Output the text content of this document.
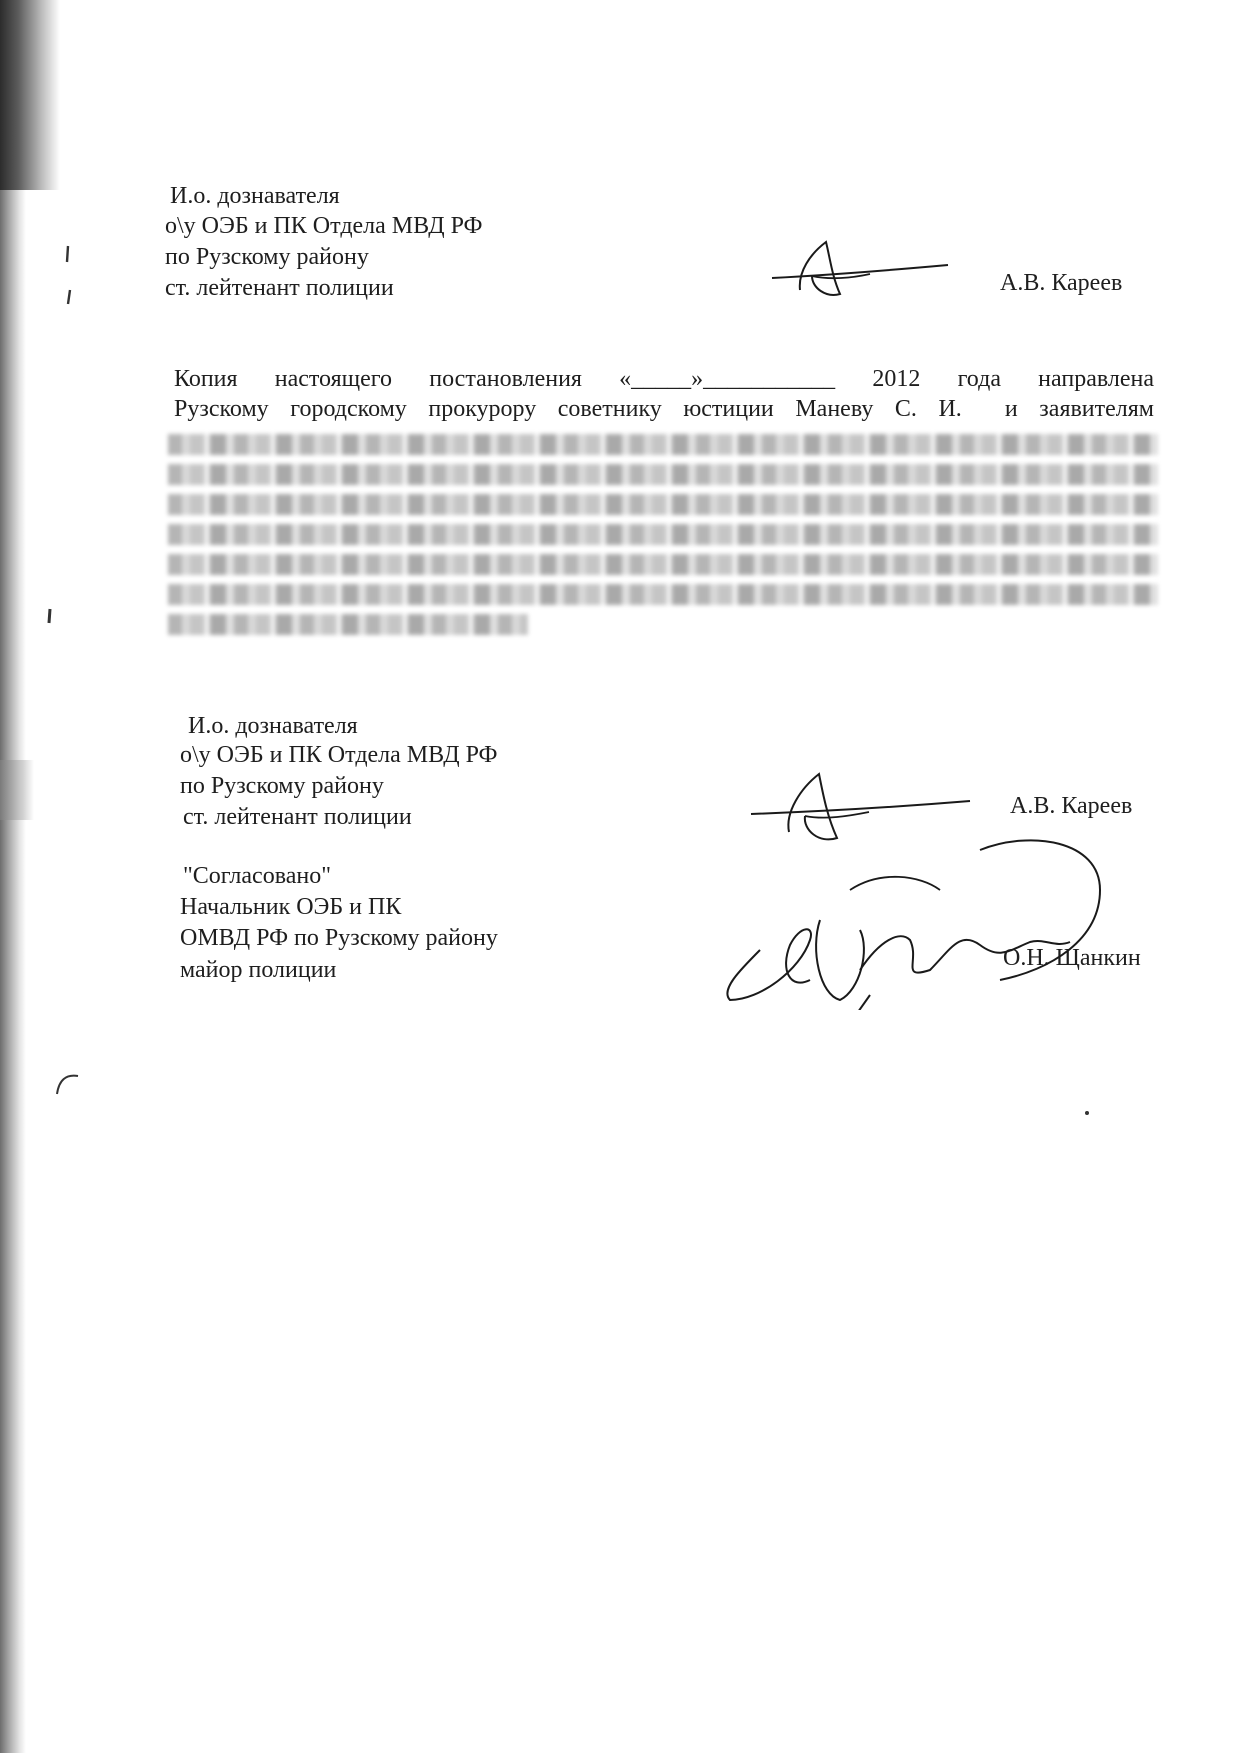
И.о. дознавателя
о\у ОЭБ и ПК Отдела МВД РФ
по Рузскому району
ст. лейтенант полиции	А.В. Кареев
Копия настоящего постановления «_____»___________ 2012 года направлена
Рузскому городскому прокурору советнику юстиции Маневу С. И.  и заявителям
И.о. дознавателя
о\у ОЭБ и ПК Отдела МВД РФ
по Рузскому району
ст. лейтенант полиции	А.В. Кареев
"Согласовано"
Начальник ОЭБ и ПК
ОМВД РФ по Рузскому району
майор полиции	О.Н. Щанкин
